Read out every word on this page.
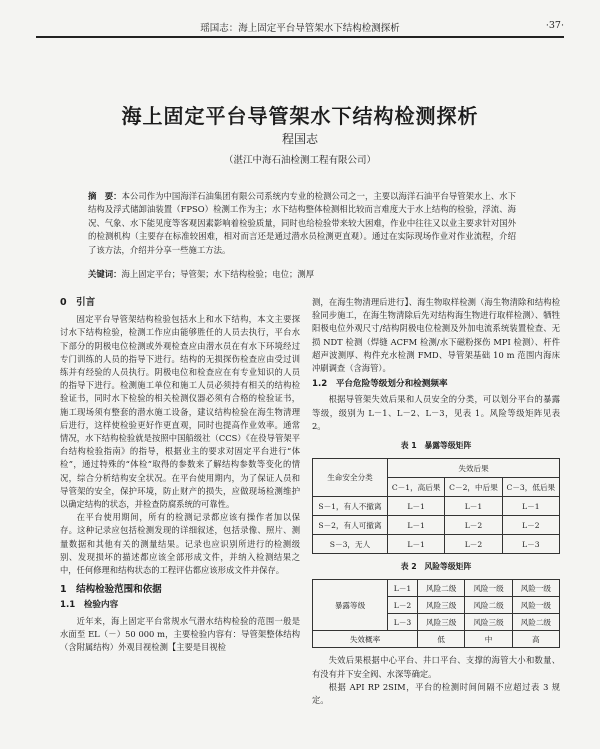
瑶国志：海上固定平台导管架水下结构检测探析	·37·
海上固定平台导管架水下结构检测探析
程国志
（湛江中海石油检测工程有限公司）

摘　要：本公司作为中国海洋石油集团有限公司系统内专业的检测公司之一，主要以海洋石油平台导管架水上、水下结构及浮式储卸油装置（FPSO）检测工作为主；水下结构整体检测相比较而言难度大于水上结构的检验，浮流、海况、气象、水下能见度等客观因素影响着检验质量，同时也给检验带来较大困难，作业中往往又以业主要求针对国外的检测机构（主要存在标准较困难，相对而言还是通过潜水员检测更直观）。通过在实际现场作业对作业流程，介绍了该方法，介绍并分享一些施工方法。

关键词：海上固定平台；导管架；水下结构检验；电位；测厚

0　引言

固定平台导管架结构检验包括水上和水下结构，本文主要探讨水下结构检验，检测工作应由能够胜任的人员去执行，平台水下部分的阴极电位检测或外观检查应由潜水员在有水下环境经过专门训练的人员的指导下进行。结构的无损探伤检查应由受过训练并有经验的人员执行。阴极电位和检查应在有专业知识的人员的指导下进行。检测施工单位和施工人员必须持有相关的结构检验证书，同时水下检验的相关检测仪器必须有合格的检验证书，施工现场须有整套的潜水施工设备，建议结构检验在海生物清理后进行，这样使检验更好作更直观，同时也提高作业效率。通常情况，水下结构检验就是按照中国船级社（CCS）《在役导管架平台结构检验指南》的指导，根据业主的要求对固定平台进行“体检”，通过特殊的“体检”取得的参数来了解结构参数等变化的情况，综合分析结构安全状况。在平台使用期内，为了保证人员和导管架的安全，保护环境，防止财产的损失，应做现场检测维护以确定结构的状态，并检查防腐系统的可靠性。

在平台使用期间，所有的检测记录都应该有操作者加以保存。这种记录应包括检测发现的详细叙述，包括录像、照片、测量数据和其他有关的测量结果。记录也应识别所进行的检测级别、发现损坏的描述都应该全部形成文件，并纳入检测结果之中，任何修理和结构状态的工程评估都应该形成文件并保存。

1　结构检验范围和依据
1.1　检验内容

近年来，海上固定平台常规水气潜水结构检验的范围一般是水面至 EL（－）50 000 m，主要检验内容有：导管架整体结构（含附属结构）外观目视检测【主要是目视检

测，在海生物清理后进行】、海生物取样检测（海生物清除和结构检验同步施工，在海生物清除后先对结构海生物进行取样检测）、牺牲阳极电位外观尺寸/结构阴极电位检测及外加电流系统装置检查、无损 NDT 检测（焊缝 ACFM 检测/水下磁粉探伤 MPI 检测）、杆件超声波测厚、构件充水检测 FMD、导管架基础 10 m 范围内海床冲刷调查（含海管）。

1.2　平台危险等级划分和检测频率

根据导管架失效后果和人员安全的分类，可以划分平台的暴露等级，级别为 L－1、L－2、L－3，见表 1。风险等级矩阵见表 2。

表 1　暴露等级矩阵
生命安全分类	失效后果		
	C－1，高后果	C－2，中后果	C－3，低后果
S－1，有人不撤离	L－1	L－1	L－1
S－2，有人可撤离	L－1	L－2	L－2
S－3，无人	L－1	L－2	L－3
表 2　风险等级矩阵
暴露等级	L－1	风险二级	风险一级	风险一级
	L－2	风险三级	风险二级	风险一级
	L－3	风险三级	风险三级	风险二级
失效概率		低	中	高

失效后果根据中心平台、井口平台、支撑的海管大小和数量、有没有并下安全阀、水深等确定。

根据 API RP 2SIM，平台的检测时间间隔不应超过表 3 规定。
